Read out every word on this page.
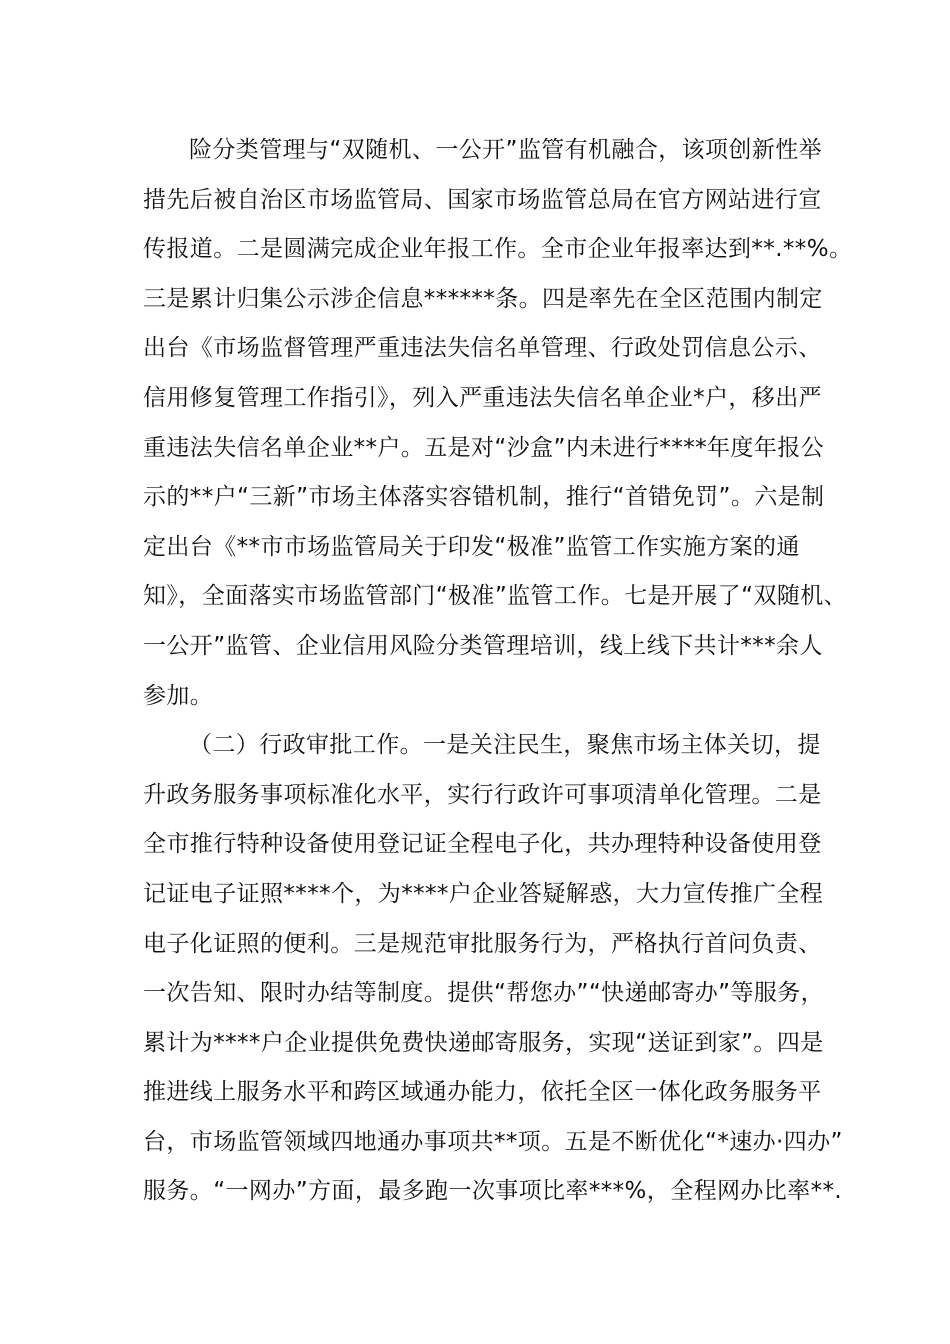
险分类管理与“双随机、一公开”监管有机融合，该项创新性举
措先后被自治区市场监管局、国家市场监管总局在官方网站进行宣
传报道。二是圆满完成企业年报工作。全市企业年报率达到**.**%。
三是累计归集公示涉企信息******条。四是率先在全区范围内制定
出台《市场监督管理严重违法失信名单管理、行政处罚信息公示、
信用修复管理工作指引》，列入严重违法失信名单企业*户，移出严
重违法失信名单企业**户。五是对“沙盒”内未进行****年度年报公
示的**户“三新”市场主体落实容错机制，推行“首错免罚”。六是制
定出台《**市市场监管局关于印发“极准”监管工作实施方案的通
知》，全面落实市场监管部门“极准”监管工作。七是开展了“双随机、
一公开”监管、企业信用风险分类管理培训，线上线下共计***余人
参加。
（二）行政审批工作。一是关注民生，聚焦市场主体关切，提
升政务服务事项标准化水平，实行行政许可事项清单化管理。二是
全市推行特种设备使用登记证全程电子化，共办理特种设备使用登
记证电子证照****个，为****户企业答疑解惑，大力宣传推广全程
电子化证照的便利。三是规范审批服务行为，严格执行首问负责、
一次告知、限时办结等制度。提供“帮您办”“快递邮寄办”等服务，
累计为****户企业提供免费快递邮寄服务，实现“送证到家”。四是
推进线上服务水平和跨区域通办能力，依托全区一体化政务服务平
台，市场监管领域四地通办事项共**项。五是不断优化“*速办·四办”
服务。“一网办”方面，最多跑一次事项比率***%，全程网办比率**.
